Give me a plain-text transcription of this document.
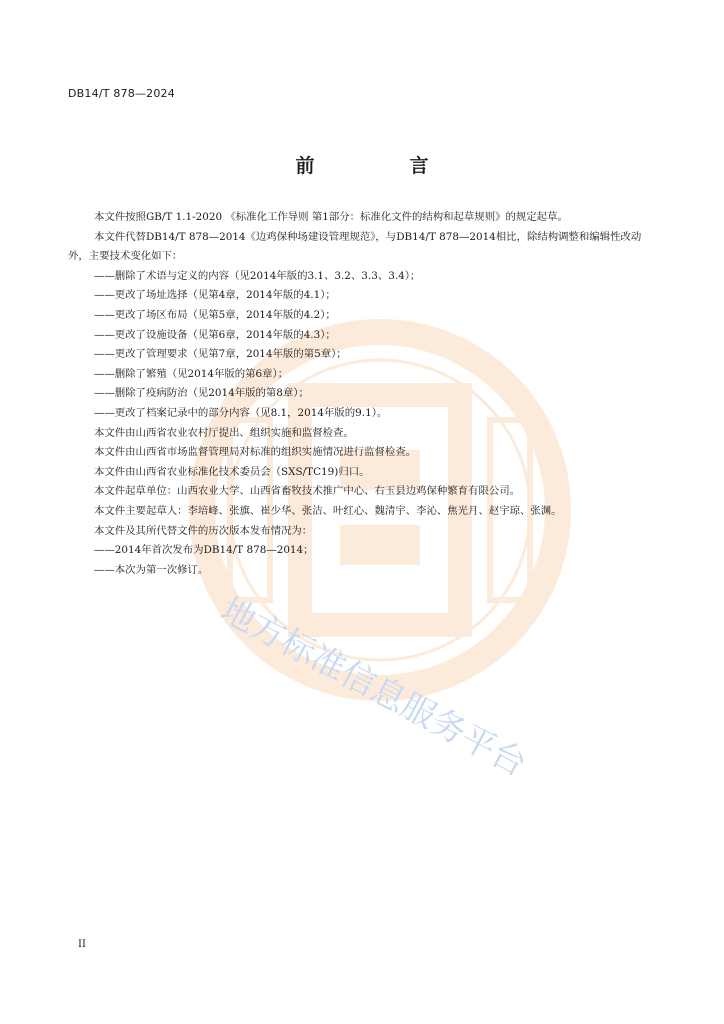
地方标准信息服务平台
DB14/T 878—2024
前　言

本文件按照GB/T 1.1-2020 《标准化工作导则 第1部分：标准化文件的结构和起草规则》的规定起草。

本文件代替DB14/T 878—2014《边鸡保种场建设管理规范》，与DB14/T 878—2014相比，除结构调整和编辑性改动外，主要技术变化如下：

——删除了术语与定义的内容（见2014年版的3.1、3.2、3.3、3.4）；

——更改了场址选择（见第4章，2014年版的4.1）；

——更改了场区布局（见第5章，2014年版的4.2）；

——更改了设施设备（见第6章，2014年版的4.3）；

——更改了管理要求（见第7章，2014年版的第5章）；

——删除了繁殖（见2014年版的第6章）；

——删除了疫病防治（见2014年版的第8章）；

——更改了档案记录中的部分内容（见8.1，2014年版的9.1）。

本文件由山西省农业农村厅提出、组织实施和监督检查。

本文件由山西省市场监督管理局对标准的组织实施情况进行监督检查。

本文件由山西省农业标准化技术委员会（SXS/TC19)归口。

本文件起草单位：山西农业大学、山西省畜牧技术推广中心、右玉县边鸡保种繁育有限公司。

本文件主要起草人：李培峰、张旗、崔少华、张洁、叶红心、魏清宇、李沁、焦光月、赵宇琼、张渊。

本文件及其所代替文件的历次版本发布情况为：

——2014年首次发布为DB14/T 878—2014；

——本次为第一次修订。

II
